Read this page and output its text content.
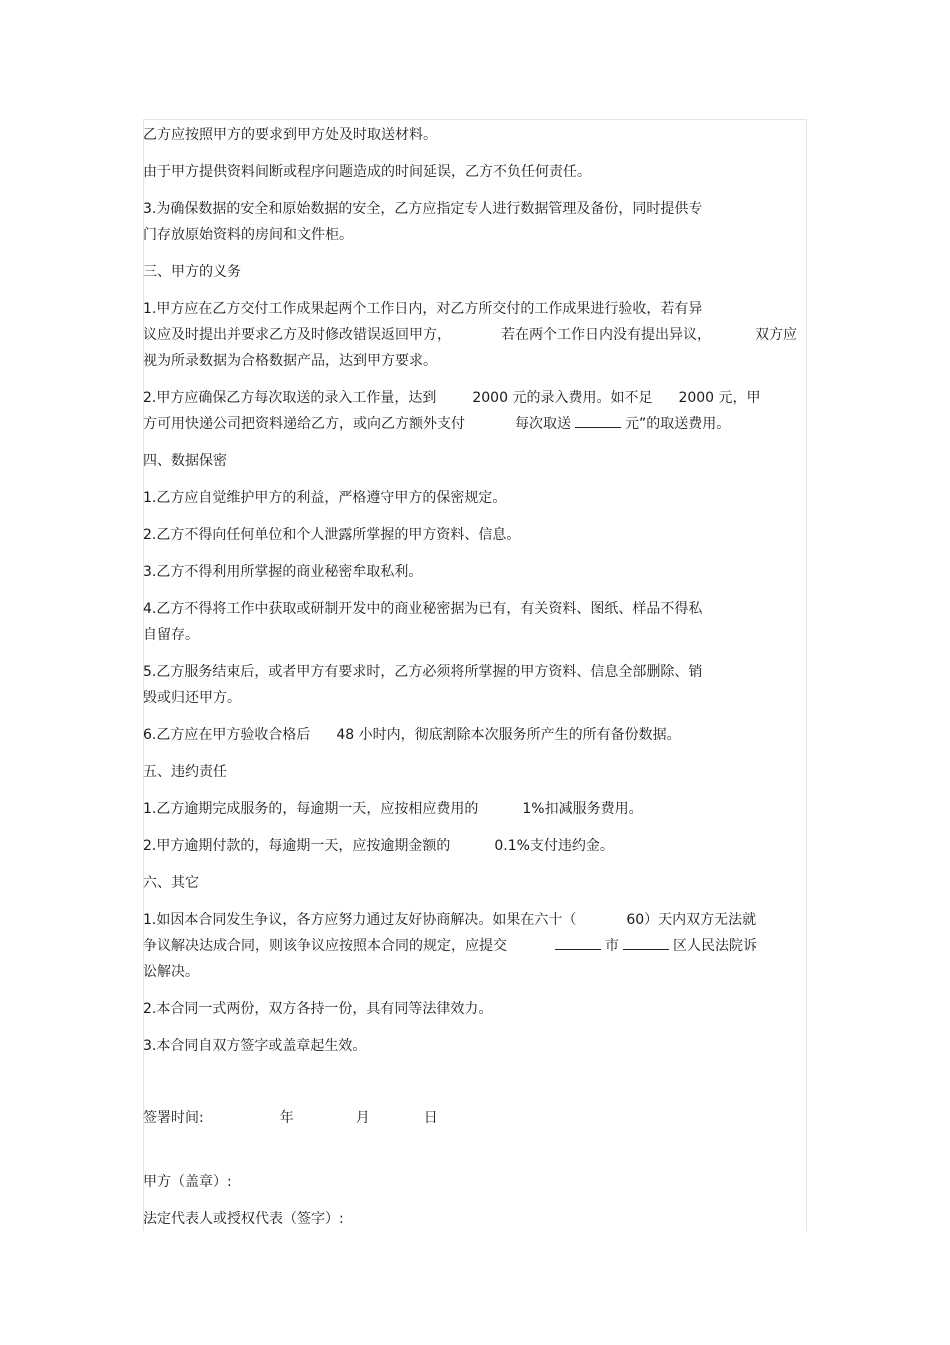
乙方应按照甲方的要求到甲方处及时取送材料。

由于甲方提供资料间断或程序问题造成的时间延误，乙方不负任何责任。

3.为确保数据的安全和原始数据的安全，乙方应指定专人进行数据管理及备份，同时提供专

门存放原始资料的房间和文件柜。

三、甲方的义务

1.甲方应在乙方交付工作成果起两个工作日内，对乙方所交付的工作成果进行验收，若有异

议应及时提出并要求乙方及时修改错误返回甲方，	若在两个工作日内没有提出异议，	双方应

视为所录数据为合格数据产品，达到甲方要求。

2.甲方应确保乙方每次取送的录入工作量，达到	2000 元的录入费用。如不足 2000 元，甲

方可用快递公司把资料递给乙方，或向乙方额外支付	每次取送	元”的取送费用。

四、数据保密

1.乙方应自觉维护甲方的利益，严格遵守甲方的保密规定。

2.乙方不得向任何单位和个人泄露所掌握的甲方资料、信息。

3.乙方不得利用所掌握的商业秘密牟取私利。

4.乙方不得将工作中获取或研制开发中的商业秘密据为已有，有关资料、图纸、样品不得私

自留存。

5.乙方服务结束后，或者甲方有要求时，乙方必须将所掌握的甲方资料、信息全部删除、销

毁或归还甲方。

6.乙方应在甲方验收合格后 48 小时内，彻底割除本次服务所产生的所有备份数据。

五、违约责任

1.乙方逾期完成服务的，每逾期一天，应按相应费用的	1%扣减服务费用。

2.甲方逾期付款的，每逾期一天，应按逾期金额的	0.1%支付违约金。

六、其它

1.如因本合同发生争议，各方应努力通过友好协商解决。如果在六十（	60）天内双方无法就

争议解决达成合同，则该争议应按照本合同的规定，应提交	市	区人民法院诉

讼解决。

2.本合同一式两份，双方各持一份，具有同等法律效力。

3.本合同自双方签字或盖章起生效。

签署时间:	年	月	日

甲方（盖章）:

法定代表人或授权代表（签字）:
